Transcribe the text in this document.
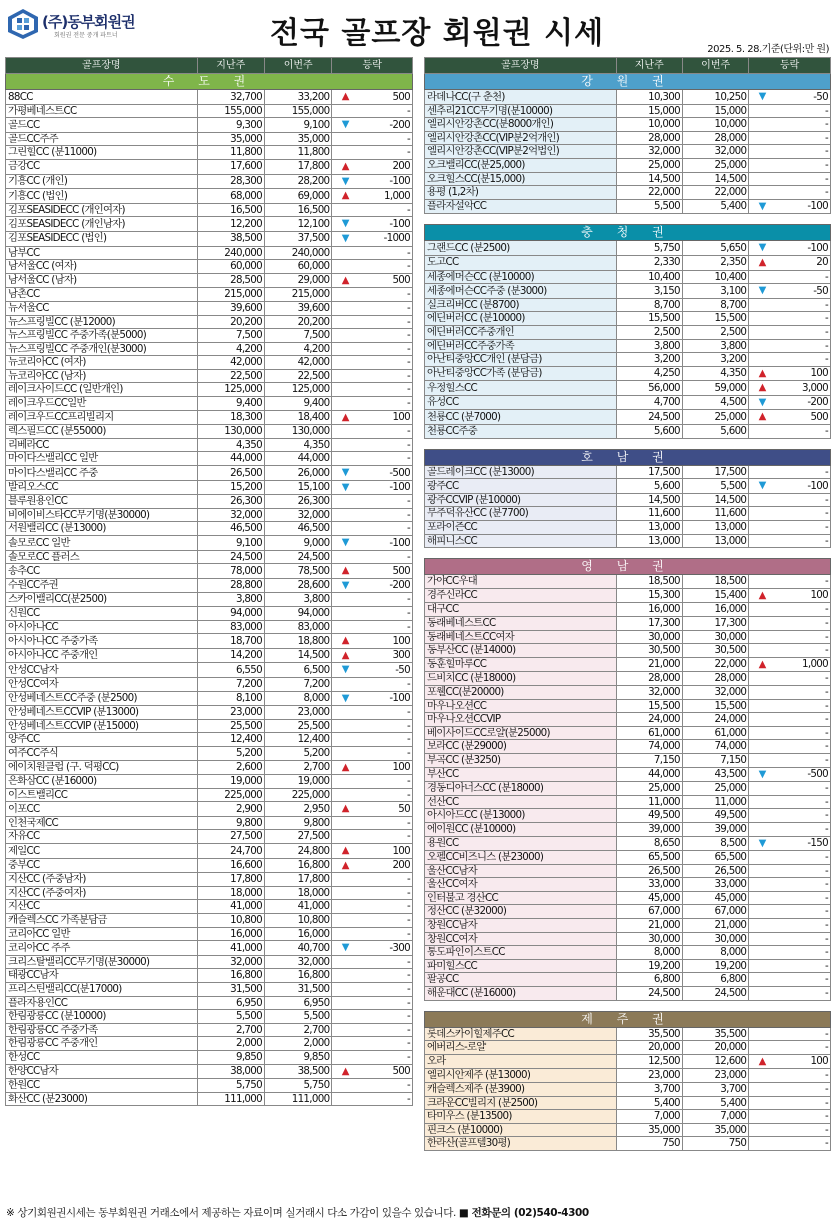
(주)동부회원권
회원권 전문 중개 파트너	전국 골프장 회원권 시세	2025. 5. 28.기준(단위:만 원)
골프장명	지난주	이번주	등락	
수 도 권				
88CC	32,700	33,200	▲	500
가평베네스트CC	155,000	155,000		-
골드CC	9,300	9,100	▼	-200
골드CC주주	35,000	35,000		-
그린힐CC (분11000)	11,800	11,800		-
금강CC	17,600	17,800	▲	200
기흥CC (개인)	28,300	28,200	▼	-100
기흥CC (법인)	68,000	69,000	▲	1,000
김포SEASIDECC (개인여자)	16,500	16,500		-
김포SEASIDECC (개인남자)	12,200	12,100	▼	-100
김포SEASIDECC (법인)	38,500	37,500	▼	-1000
남부CC	240,000	240,000		-
남서울CC (여자)	60,000	60,000		-
남서울CC (남자)	28,500	29,000	▲	500
남촌CC	215,000	215,000		-
뉴서울CC	39,600	39,600		-
뉴스프링빌CC (분12000)	20,200	20,200		-
뉴스프링빌CC 주중가족(분5000)	7,500	7,500		-
뉴스프링빌CC 주중개인(분3000)	4,200	4,200		-
뉴코리아CC (여자)	42,000	42,000		-
뉴코리아CC (남자)	22,500	22,500		-
레이크사이드CC (일반개인)	125,000	125,000		-
레이크우드CC일반	9,400	9,400		-
레이크우드CC프리빌리지	18,300	18,400	▲	100
렉스필드CC (분55000)	130,000	130,000		-
리베라CC	4,350	4,350		-
마이다스밸리CC 일반	44,000	44,000		-
마이다스밸리CC 주중	26,500	26,000	▼	-500
발리오스CC	15,200	15,100	▼	-100
블루원용인CC	26,300	26,300		-
비에이비스타CC무기명(분30000)	32,000	32,000		-
서원밸리CC (분13000)	46,500	46,500		-
솔모로CC 일반	9,100	9,000	▼	-100
솔모로CC 플러스	24,500	24,500		-
송추CC	78,000	78,500	▲	500
수원CC주권	28,800	28,600	▼	-200
스카이밸리CC(분2500)	3,800	3,800		-
신원CC	94,000	94,000		-
아시아나CC	83,000	83,000		-
아시아나CC 주중가족	18,700	18,800	▲	100
아시아나CC 주중개인	14,200	14,500	▲	300
안성CC남자	6,550	6,500	▼	-50
안성CC여자	7,200	7,200		-
안성베네스트CC주중 (분2500)	8,100	8,000	▼	-100
안성베네스트CCVIP (분13000)	23,000	23,000		-
안성베네스트CCVIP (분15000)	25,500	25,500		-
양주CC	12,400	12,400		-
여주CC주식	5,200	5,200		-
에이치원클럽 (구. 덕평CC)	2,600	2,700	▲	100
은화삼CC (분16000)	19,000	19,000		-
이스트밸리CC	225,000	225,000		-
이포CC	2,900	2,950	▲	50
인천국제CC	9,800	9,800		-
자유CC	27,500	27,500		-
제일CC	24,700	24,800	▲	100
중부CC	16,600	16,800	▲	200
지산CC (주중남자)	17,800	17,800		-
지산CC (주중여자)	18,000	18,000		-
지산CC	41,000	41,000		-
캐슬렉스CC 가족분담금	10,800	10,800		-
코리아CC 일반	16,000	16,000		-
코리아CC 주주	41,000	40,700	▼	-300
크리스탈밸리CC무기명(분30000)	32,000	32,000		-
태광CC남자	16,800	16,800		-
프리스틴밸리CC(분17000)	31,500	31,500		-
플라자용인CC	6,950	6,950		-
한림광릉CC (분10000)	5,500	5,500		-
한림광릉CC 주중가족	2,700	2,700		-
한림광릉CC 주중개인	2,000	2,000		-
한성CC	9,850	9,850		-
한양CC남자	38,000	38,500	▲	500
한원CC	5,750	5,750		-
화산CC (분23000)	111,000	111,000		-
골프장명	지난주	이번주	등락	
강 원 권				
라데나CC(구 춘천)	10,300	10,250	▼	-50
센추리21CC무기명(분10000)	15,000	15,000		-
엘리시안강촌CC(분8000개인)	10,000	10,000		-
엘리시안강촌CC(VIP분2억개인)	28,000	28,000		-
엘리시안강촌CC(VIP분2억법인)	32,000	32,000		-
오크밸리CC(분25,000)	25,000	25,000		-
오크힐스CC(분15,000)	14,500	14,500		-
용평 (1,2차)	22,000	22,000		-
플라자설악CC	5,500	5,400	▼	-100
충 청 권				
그랜드CC (분2500)	5,750	5,650	▼	-100
도고CC	2,330	2,350	▲	20
세종에머슨CC (분10000)	10,400	10,400		-
세종에머슨CC주중 (분3000)	3,150	3,100	▼	-50
실크리버CC (분8700)	8,700	8,700		-
에딘버러CC (분10000)	15,500	15,500		-
에딘버러CC주중개인	2,500	2,500		-
에딘버러CC주중가족	3,800	3,800		-
아난티중앙CC개인 (분담금)	3,200	3,200		-
아난티중앙CC가족 (분담금)	4,250	4,350	▲	100
우정힐스CC	56,000	59,000	▲	3,000
유성CC	4,700	4,500	▼	-200
천룡CC (분7000)	24,500	25,000	▲	500
천룡CC주중	5,600	5,600		-
호 남 권				
골드레이크CC (분13000)	17,500	17,500		-
광주CC	5,600	5,500	▼	-100
광주CCVIP (분10000)	14,500	14,500		-
무주덕유산CC (분7700)	11,600	11,600		-
포라이즌CC	13,000	13,000		-
해피니스CC	13,000	13,000		-
영 남 권				
가야CC우대	18,500	18,500		-
경주신라CC	15,300	15,400	▲	100
대구CC	16,000	16,000		-
동래베네스트CC	17,300	17,300		-
동래베네스트CC여자	30,000	30,000		-
동부산CC (분14000)	30,500	30,500		-
동훈힐마루CC	21,000	22,000	▲	1,000
드비치CC (분18000)	28,000	28,000		-
포웰CC(분20000)	32,000	32,000		-
마우나오션CC	15,500	15,500		-
마우나오션CCVIP	24,000	24,000		-
베이사이드CC로얄(분25000)	61,000	61,000		-
보라CC (분29000)	74,000	74,000		-
부곡CC (분3250)	7,150	7,150		-
부산CC	44,000	43,500	▼	-500
경동디아너스CC (분18000)	25,000	25,000		-
선산CC	11,000	11,000		-
아시아드CC (분13000)	49,500	49,500		-
에이원CC (분10000)	39,000	39,000		-
용원CC	8,650	8,500	▼	-150
오펠CC비즈니스 (분23000)	65,500	65,500		-
울산CC남자	26,500	26,500		-
울산CC여자	33,000	33,000		-
인터불고 경산CC	45,000	45,000		-
정산CC (분32000)	67,000	67,000		-
창원CC남자	21,000	21,000		-
창원CC여자	30,000	30,000		-
통도파인이스트CC	8,000	8,000		-
파미힐스CC	19,200	19,200		-
팔공CC	6,800	6,800		-
해운대CC (분16000)	24,500	24,500		-
제 주 권				
롯데스카이힐제주CC	35,500	35,500		-
에버리스-로얄	20,000	20,000		-
오라	12,500	12,600	▲	100
엘리시안제주 (분13000)	23,000	23,000		-
캐슬렉스제주 (분3900)	3,700	3,700		-
크라운CC빌리지 (분2500)	5,400	5,400		-
타미우스 (분13500)	7,000	7,000		-
핀크스 (분10000)	35,000	35,000		-
한라산(골프텔30평)	750	750		-
※ 상기회원권시세는 동부회원권 거래소에서 제공하는 자료이며 실거래시 다소 가감이 있을수 있습니다. ■ 전화문의 (02)540-4300
